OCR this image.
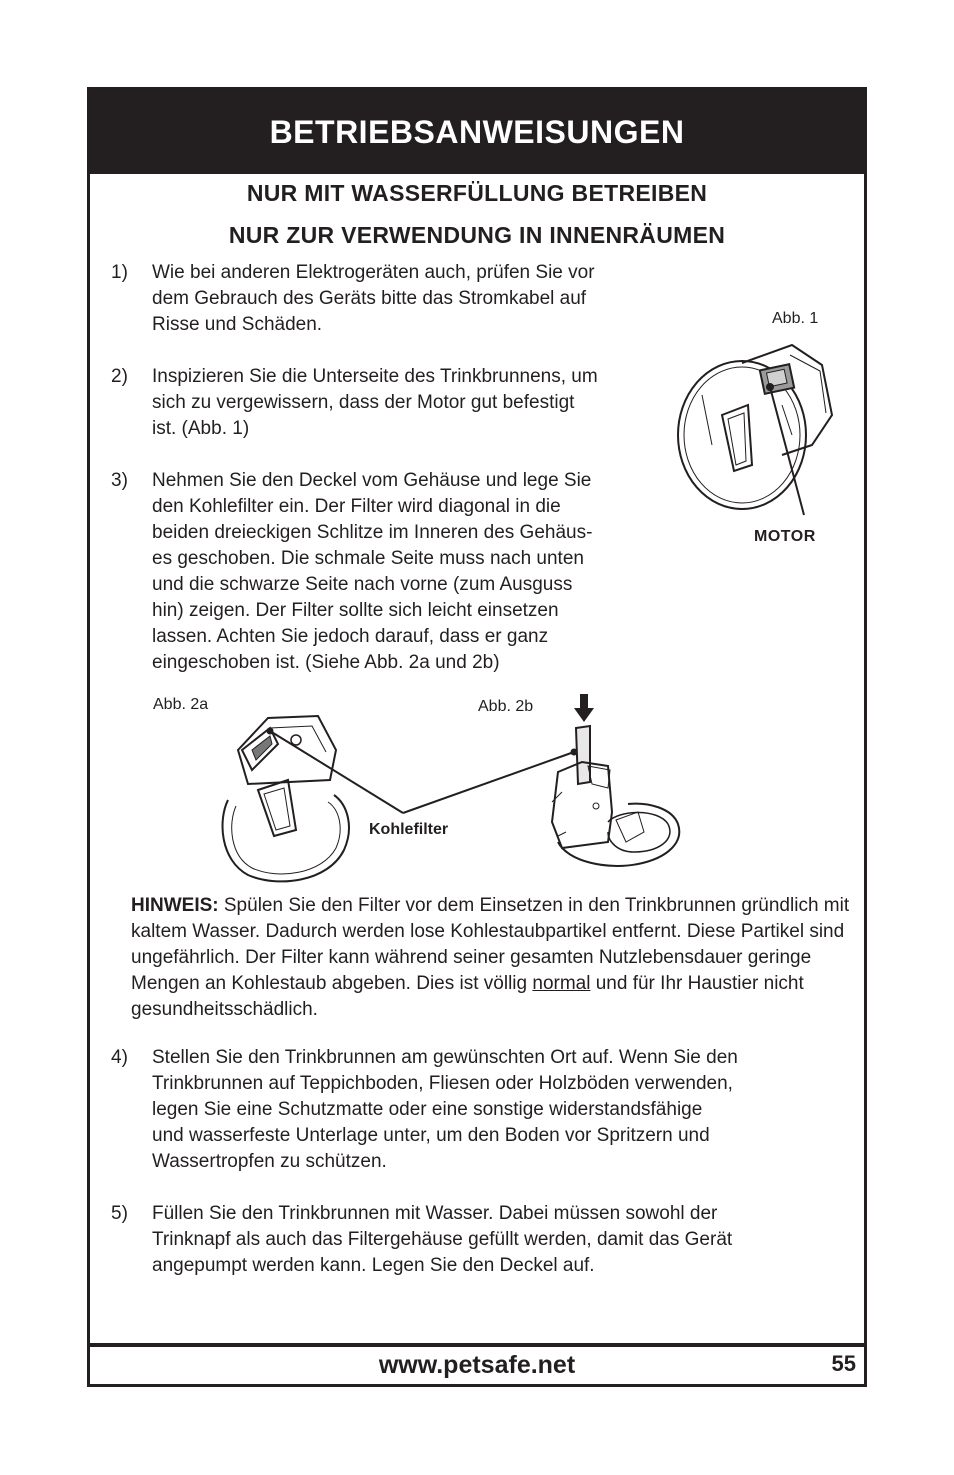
BETRIEBSANWEISUNGEN
NUR MIT WASSERFÜLLUNG BETREIBEN
NUR ZUR VERWENDUNG IN INNENRÄUMEN
1) Wie bei anderen Elektrogeräten auch, prüfen Sie vor
dem Gebrauch des Geräts bitte das Stromkabel auf
Risse und Schäden.
2) Inspizieren Sie die Unterseite des Trinkbrunnens, um
sich zu vergewissern, dass der Motor gut befestigt
ist. (Abb. 1)
3) Nehmen Sie den Deckel vom Gehäuse und lege Sie
den Kohlefilter ein. Der Filter wird diagonal in die
beiden dreieckigen Schlitze im Inneren des Gehäus-
es geschoben. Die schmale Seite muss nach unten
und die schwarze Seite nach vorne (zum Ausguss
hin) zeigen. Der Filter sollte sich leicht einsetzen
lassen. Achten Sie jedoch darauf, dass er ganz
eingeschoben ist. (Siehe Abb. 2a und 2b)
Abb. 1
MOTOR
Abb. 2a	Abb. 2b
Kohlefilter
HINWEIS: Spülen Sie den Filter vor dem Einsetzen in den Trinkbrunnen gründlich mit kaltem Wasser. Dadurch werden lose Kohlestaubpartikel entfernt. Diese Partikel sind ungefährlich. Der Filter kann während seiner gesamten Nutzlebensdauer geringe Mengen an Kohlestaub abgeben. Dies ist völlig normal und für Ihr Haustier nicht gesundheitsschädlich.
4) Stellen Sie den Trinkbrunnen am gewünschten Ort auf. Wenn Sie den
Trinkbrunnen auf Teppichboden, Fliesen oder Holzböden verwenden,
legen Sie eine Schutzmatte oder eine sonstige widerstandsfähige
und wasserfeste Unterlage unter, um den Boden vor Spritzern und
Wassertropfen zu schützen.
5) Füllen Sie den Trinkbrunnen mit Wasser. Dabei müssen sowohl der
Trinknapf als auch das Filtergehäuse gefüllt werden, damit das Gerät
angepumpt werden kann. Legen Sie den Deckel auf.
www.petsafe.net	55
